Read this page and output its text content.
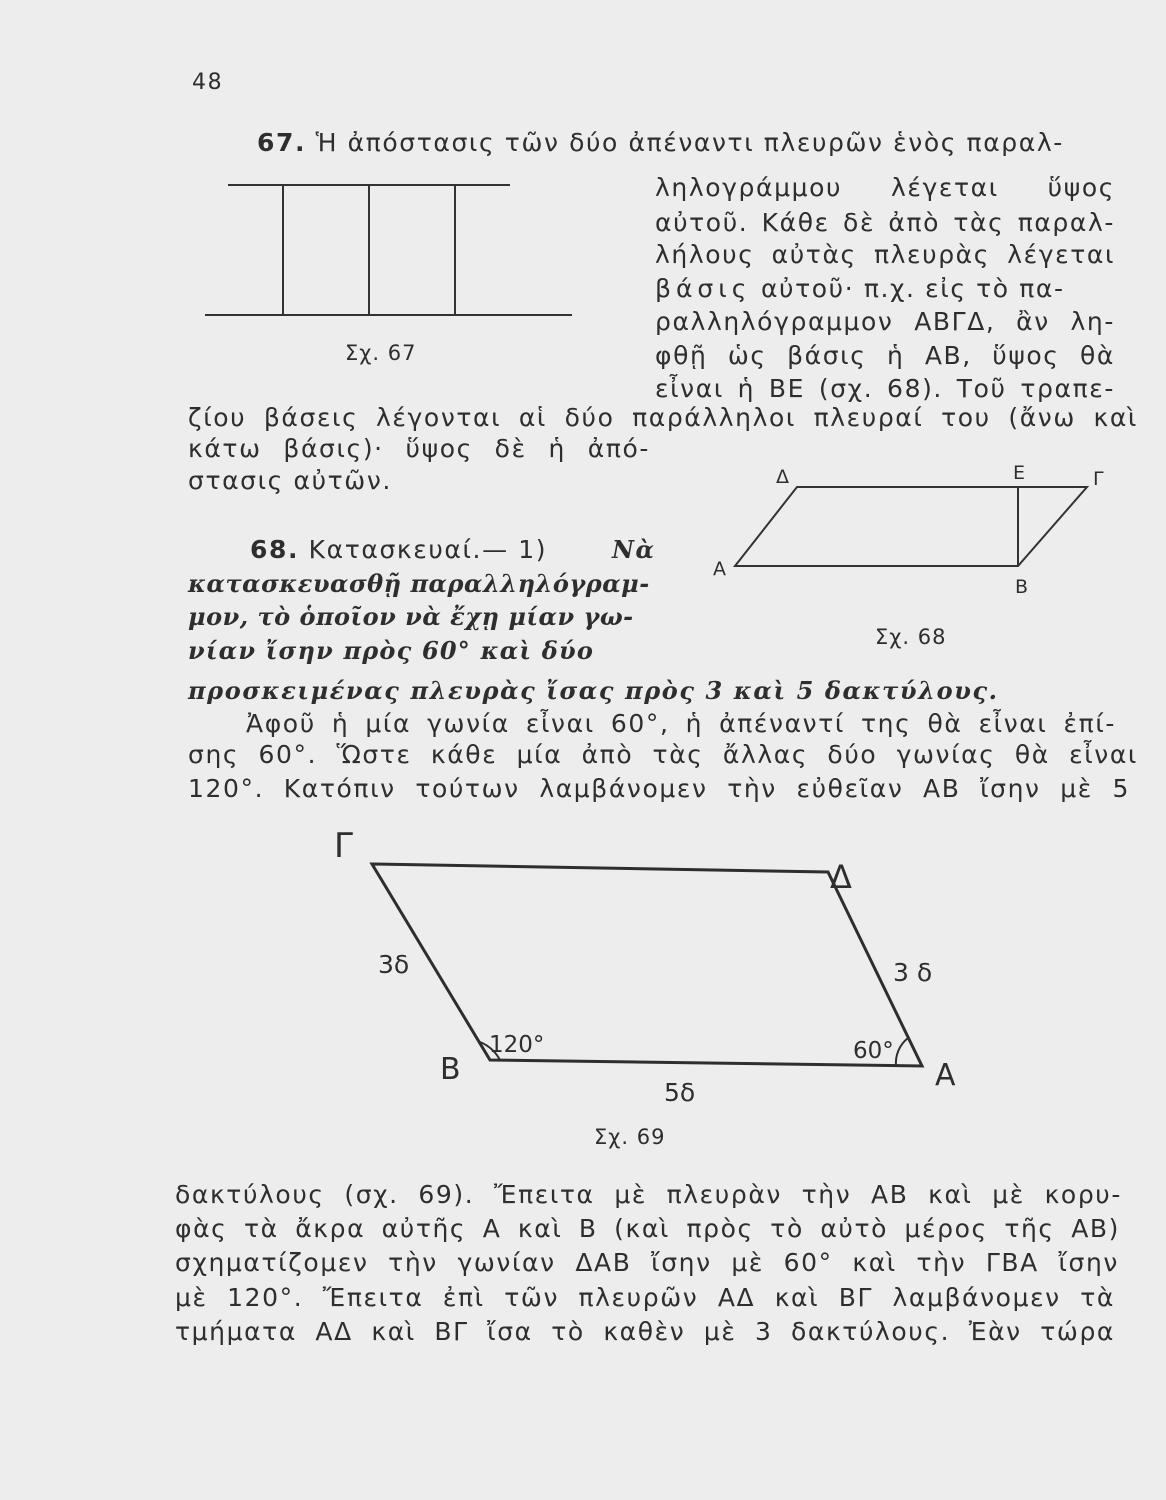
48
67. Ἡ ἀπόστασις τῶν δύο ἀπέναντι πλευρῶν ἑνὸς παραλ-
Σχ. 67
ληλογράμμου λέγεται ὕψος
αὐτοῦ. Κάθε δὲ ἀπὸ τὰς παραλ-
λήλους αὐτὰς πλευρὰς λέγεται
βάσις αὐτοῦ· π.χ. εἰς τὸ πα-
ραλληλόγραμμον ΑΒΓΔ, ἂν λη-
φθῇ ὡς βάσις ἡ ΑΒ, ὕψος θὰ
εἶναι ἡ ΒΕ (σχ. 68). Τοῦ τραπε-
ζίου βάσεις λέγονται αἱ δύο παράλληλοι πλευραί του (ἄνω καὶ
κάτω βάσις)· ὕψος δὲ ἡ ἀπό-
στασις αὐτῶν.	Δ	Ε	Γ
Α
Β
Σχ. 68
68. Κατασκευαί.— 1)	Νὰ
κατασκευασθῇ παραλληλόγραμ-
μον, τὸ ὁποῖον νὰ ἔχῃ μίαν γω-
νίαν ἴσην πρὸς 60° καὶ δύο
προσκειμένας πλευρὰς ἴσας πρὸς 3 καὶ 5 δακτύλους.
Ἀφοῦ ἡ μία γωνία εἶναι 60°, ἡ ἀπέναντί της θὰ εἶναι ἐπί-
σης 60°. Ὥστε κάθε μία ἀπὸ τὰς ἄλλας δύο γωνίας θὰ εἶναι
120°. Κατόπιν τούτων λαμβάνομεν τὴν εὐθεῖαν ΑΒ ἴσην μὲ 5
Γ
Δ
Β	Α
3δ	3 δ
5δ
120°	60°
Σχ. 69
δακτύλους (σχ. 69). Ἔπειτα μὲ πλευρὰν τὴν ΑΒ καὶ μὲ κορυ-
φὰς τὰ ἄκρα αὐτῆς Α καὶ Β (καὶ πρὸς τὸ αὐτὸ μέρος τῆς ΑΒ)
σχηματίζομεν τὴν γωνίαν ΔΑΒ ἴσην μὲ 60° καὶ τὴν ΓΒΑ ἴσην
μὲ 120°. Ἔπειτα ἐπὶ τῶν πλευρῶν ΑΔ καὶ ΒΓ λαμβάνομεν τὰ
τμήματα ΑΔ καὶ ΒΓ ἴσα τὸ καθὲν μὲ 3 δακτύλους. Ἐὰν τώρα
